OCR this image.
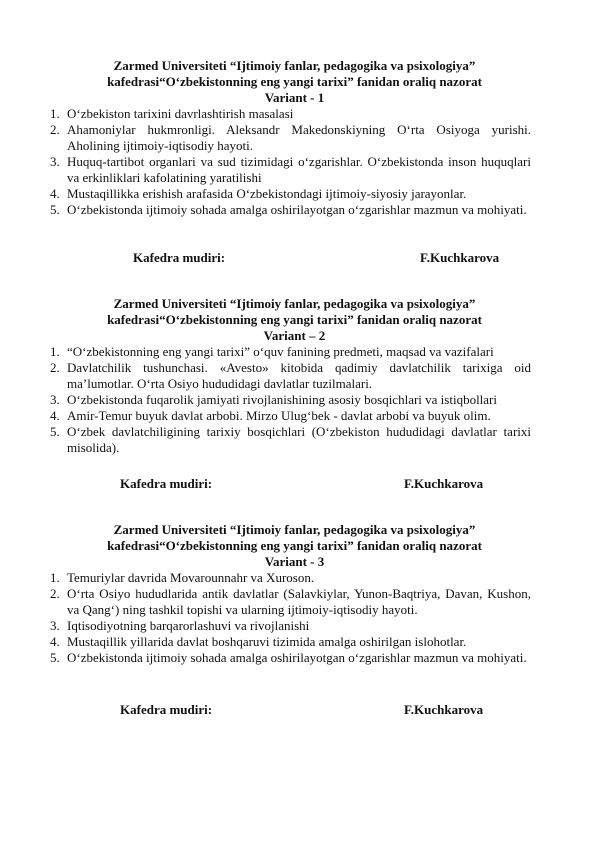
Zarmed Universiteti “Ijtimoiy fanlar, pedagogika va psixologiya”

kafedrasi“O‘zbekistonning eng yangi tarixi” fanidan oraliq nazorat

Variant - 1

1. O‘zbekiston tarixini davrlashtirish masalasi
2. Ahamoniylar hukmronligi. Aleksandr Makedonskiyning O‘rta Osiyoga yurishi. Aholining ijtimoiy-iqtisodiy hayoti.
3. Huquq-tartibot organlari va sud tizimidagi o‘zgarishlar. O‘zbekistonda inson huquqlari va erkinliklari kafolatining yaratilishi
4. Mustaqillikka erishish arafasida O‘zbekistondagi ijtimoiy-siyosiy jarayonlar.
5. O‘zbekistonda ijtimoiy sohada amalga oshirilayotgan o‘zgarishlar mazmun va mohiyati.
Kafedra mudiri:	F.Kuchkarova

Zarmed Universiteti “Ijtimoiy fanlar, pedagogika va psixologiya”

kafedrasi“O‘zbekistonning eng yangi tarixi” fanidan oraliq nazorat

Variant – 2

1. “O‘zbekistonning eng yangi tarixi” o‘quv fanining predmeti, maqsad va vazifalari
2. Davlatchilik tushunchasi. «Avesto» kitobida qadimiy davlatchilik tarixiga oid ma’lumotlar. O‘rta Osiyo hududidagi davlatlar tuzilmalari.
3. O‘zbekistonda fuqarolik jamiyati rivojlanishining asosiy bosqichlari va istiqbollari
4. Amir-Temur buyuk davlat arbobi. Mirzo Ulug‘bek - davlat arbobi va buyuk olim.
5. O‘zbek davlatchiligining tarixiy bosqichlari (O‘zbekiston hududidagi davlatlar tarixi misolida).
Kafedra mudiri:	F.Kuchkarova

Zarmed Universiteti “Ijtimoiy fanlar, pedagogika va psixologiya”

kafedrasi“O‘zbekistonning eng yangi tarixi” fanidan oraliq nazorat

Variant - 3

1. Temuriylar davrida Movarounnahr va Xuroson.
2. O‘rta Osiyo hududlarida antik davlatlar (Salavkiylar, Yunon-Baqtriya, Davan, Kushon, va Qang‘) ning tashkil topishi va ularning ijtimoiy-iqtisodiy hayoti.
3. Iqtisodiyotning barqarorlashuvi va rivojlanishi
4. Mustaqillik yillarida davlat boshqaruvi tizimida amalga oshirilgan islohotlar.
5. O‘zbekistonda ijtimoiy sohada amalga oshirilayotgan o‘zgarishlar mazmun va mohiyati.
Kafedra mudiri:	F.Kuchkarova
